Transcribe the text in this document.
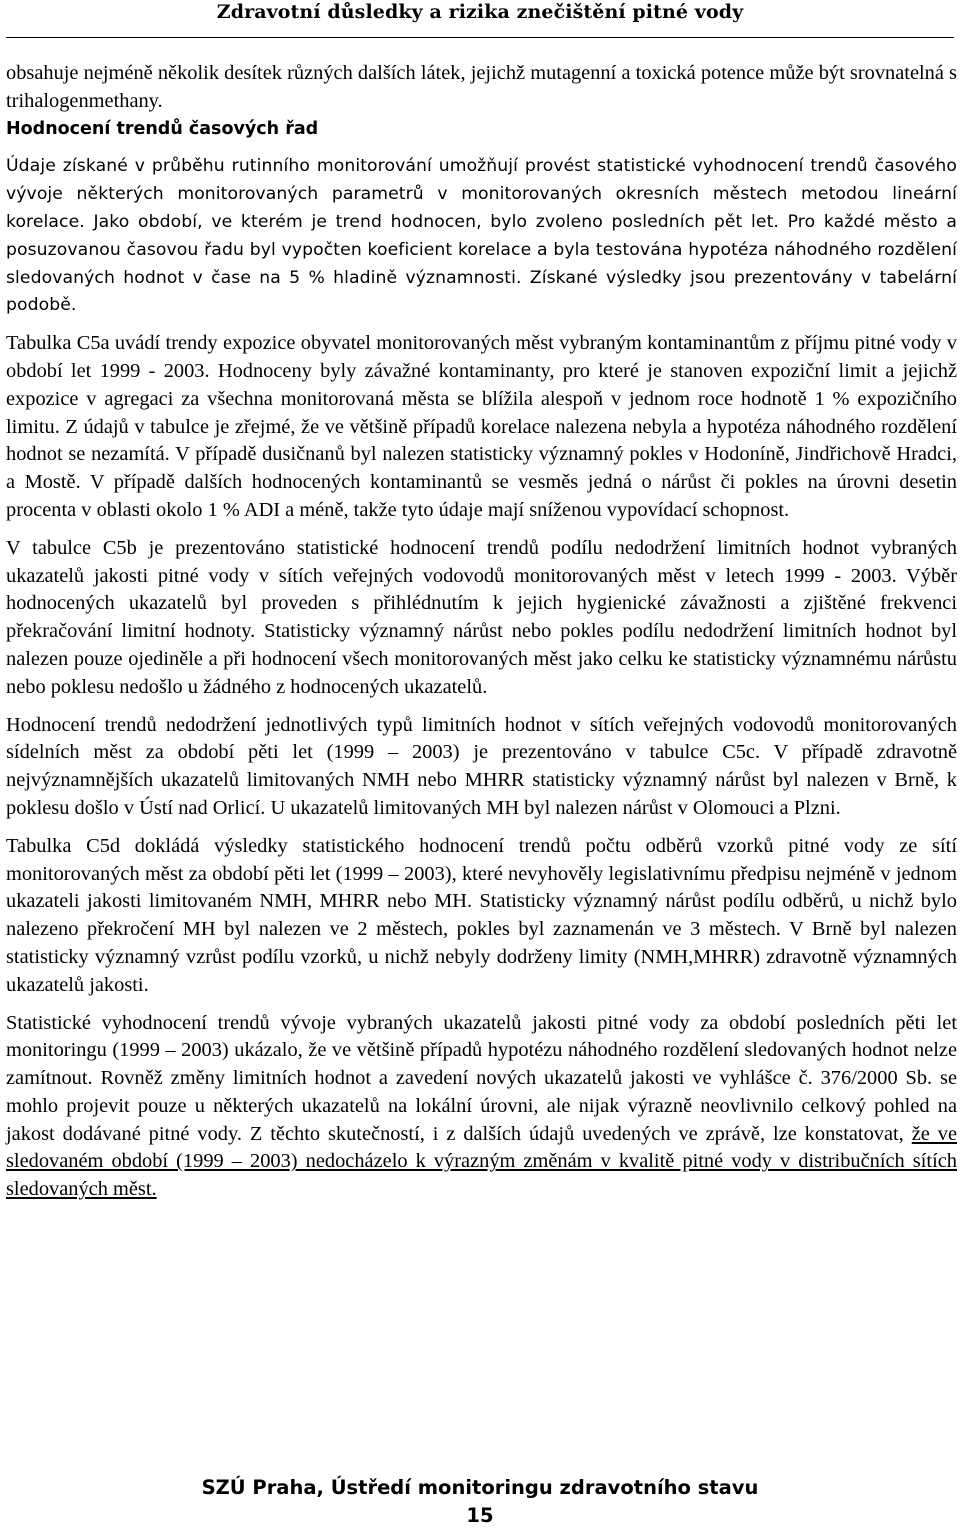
Zdravotní důsledky a rizika znečištění pitné vody

obsahuje nejméně několik desítek různých dalších látek, jejichž mutagenní a toxická potence může být srovnatelná s trihalogenmethany.

Hodnocení trendů časových řad

Údaje získané v průběhu rutinního monitorování umožňují provést statistické vyhodnocení trendů časového vývoje některých monitorovaných parametrů v monitorovaných okresních městech metodou lineární korelace. Jako období, ve kterém je trend hodnocen, bylo zvoleno posledních pět let. Pro každé město a posuzovanou časovou řadu byl vypočten koeficient korelace a byla testována hypotéza náhodného rozdělení sledovaných hodnot v čase na 5 % hladině významnosti. Získané výsledky jsou prezentovány v tabelární podobě.

Tabulka C5a uvádí trendy expozice obyvatel monitorovaných měst vybraným kontaminantům z příjmu pitné vody v období let 1999 - 2003. Hodnoceny byly závažné kontaminanty, pro které je stanoven expoziční limit a jejichž expozice v agregaci za všechna monitorovaná města se blížila alespoň v jednom roce hodnotě 1 % expozičního limitu. Z údajů v tabulce je zřejmé, že ve většině případů korelace nalezena nebyla a hypotéza náhodného rozdělení hodnot se nezamítá. V případě dusičnanů byl nalezen statisticky významný pokles v Hodoníně, Jindřichově Hradci, a Mostě. V případě dalších hodnocených kontaminantů se vesměs jedná o nárůst či pokles na úrovni desetin procenta v oblasti okolo 1 % ADI a méně, takže tyto údaje mají sníženou vypovídací schopnost.

V tabulce C5b je prezentováno statistické hodnocení trendů podílu nedodržení limitních hodnot vybraných ukazatelů jakosti pitné vody v sítích veřejných vodovodů monitorovaných měst v letech 1999 - 2003. Výběr hodnocených ukazatelů byl proveden s přihlédnutím k jejich hygienické závažnosti a zjištěné frekvenci překračování limitní hodnoty. Statisticky významný nárůst nebo pokles podílu nedodržení limitních hodnot byl nalezen pouze ojediněle a při hodnocení všech monitorovaných měst jako celku ke statisticky významnému nárůstu nebo poklesu nedošlo u žádného z hodnocených ukazatelů.

Hodnocení trendů nedodržení jednotlivých typů limitních hodnot v sítích veřejných vodovodů monitorovaných sídelních měst za období pěti let (1999 – 2003) je prezentováno v tabulce C5c. V případě zdravotně nejvýznamnějších ukazatelů limitovaných NMH nebo MHRR statisticky významný nárůst byl nalezen v Brně, k poklesu došlo v Ústí nad Orlicí. U ukazatelů limitovaných MH byl nalezen nárůst v Olomouci a Plzni.

Tabulka C5d dokládá výsledky statistického hodnocení trendů počtu odběrů vzorků pitné vody ze sítí monitorovaných měst za období pěti let (1999 – 2003), které nevyhověly legislativnímu předpisu nejméně v jednom ukazateli jakosti limitovaném NMH, MHRR nebo MH. Statisticky významný nárůst podílu odběrů, u nichž bylo nalezeno překročení MH byl nalezen ve 2 městech, pokles byl zaznamenán ve 3 městech. V Brně byl nalezen statisticky významný vzrůst podílu vzorků, u nichž nebyly dodrženy limity (NMH,MHRR) zdravotně významných ukazatelů jakosti.

Statistické vyhodnocení trendů vývoje vybraných ukazatelů jakosti pitné vody za období posledních pěti let monitoringu (1999 – 2003) ukázalo, že ve většině případů hypotézu náhodného rozdělení sledovaných hodnot nelze zamítnout. Rovněž změny limitních hodnot a zavedení nových ukazatelů jakosti ve vyhlášce č. 376/2000 Sb. se mohlo projevit pouze u některých ukazatelů na lokální úrovni, ale nijak výrazně neovlivnilo celkový pohled na jakost dodávané pitné vody. Z těchto skutečností, i z dalších údajů uvedených ve zprávě, lze konstatovat, že ve sledovaném období (1999 – 2003) nedocházelo k výrazným změnám v kvalitě pitné vody v distribučních sítích sledovaných měst.

SZÚ Praha, Ústředí monitoringu zdravotního stavu
15
